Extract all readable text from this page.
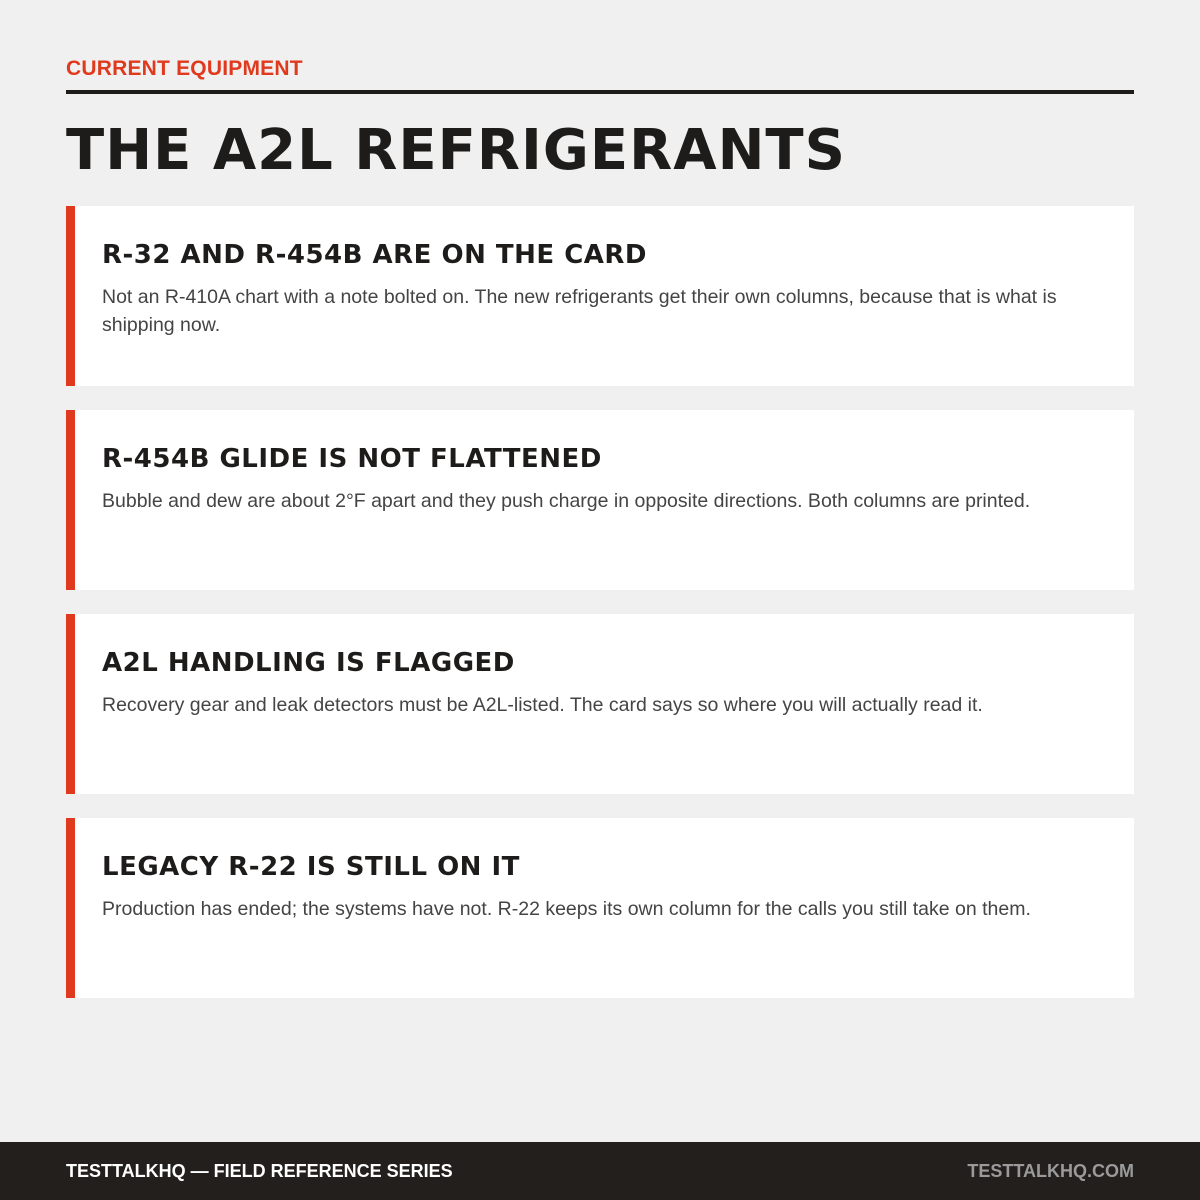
CURRENT EQUIPMENT
THE A2L REFRIGERANTS
R-32 AND R-454B ARE ON THE CARD

Not an R-410A chart with a note bolted on. The new refrigerants get their own columns, because that is what is shipping now.

R-454B GLIDE IS NOT FLATTENED

Bubble and dew are about 2°F apart and they push charge in opposite directions. Both columns are printed.

A2L HANDLING IS FLAGGED

Recovery gear and leak detectors must be A2L-listed. The card says so where you will actually read it.

LEGACY R-22 IS STILL ON IT

Production has ended; the systems have not. R-22 keeps its own column for the calls you still take on them.

TESTTALKHQ — FIELD REFERENCE SERIES	TESTTALKHQ.COM
